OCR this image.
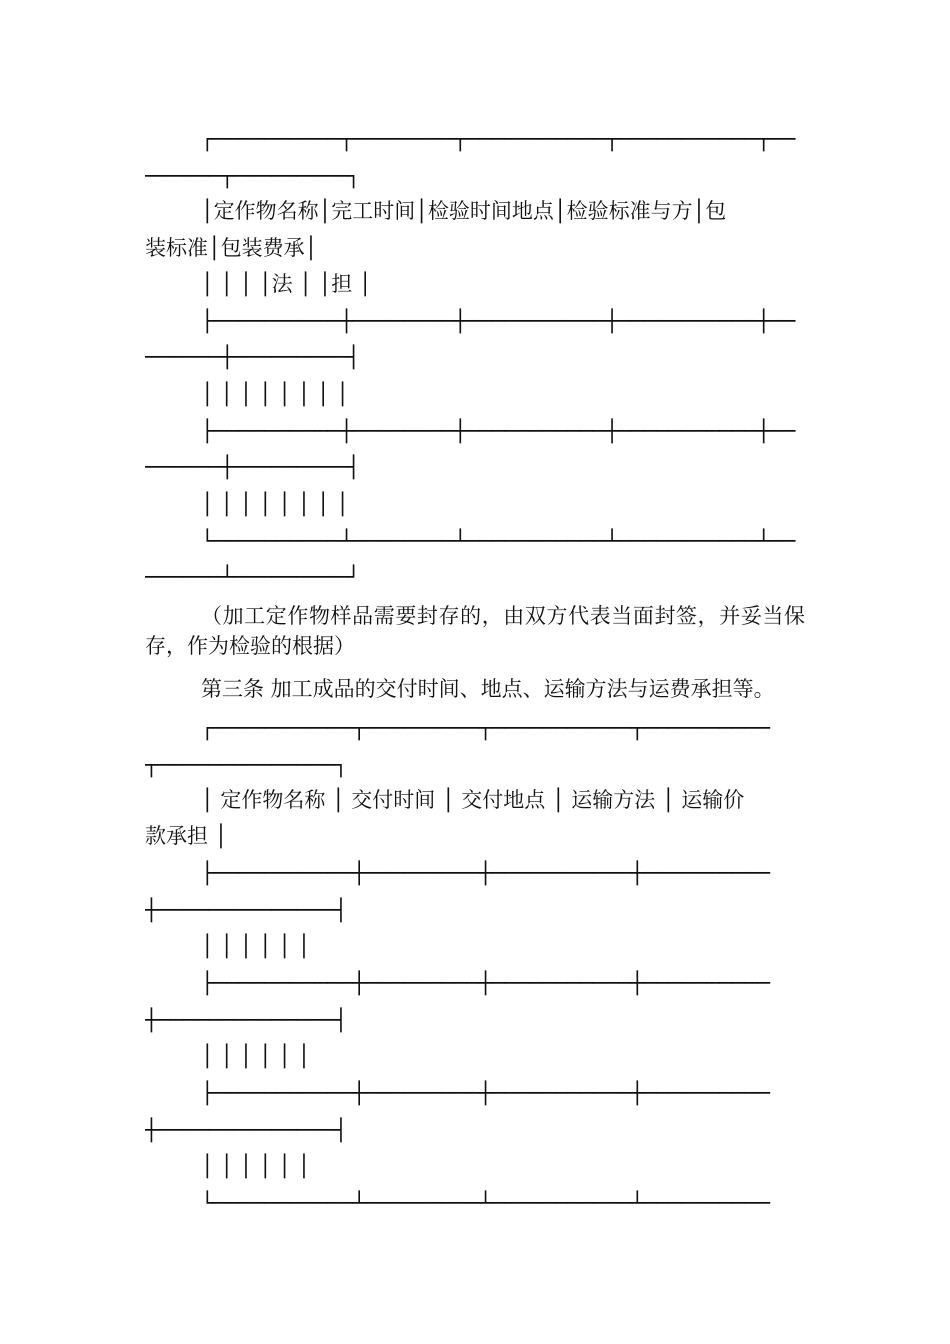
┌──────────┬────────┬───────────┬───────────┬──
──────┬─────────┐
│定作物名称│完工时间│检验时间地点│检验标准与方│包
装标准│包装费承│
│ │ │ │法 │ │担 │
├──────────┼────────┼───────────┼───────────┼──
──────┼─────────┤
│ │ │ │ │ │ │ │
├──────────┼────────┼───────────┼───────────┼──
──────┼─────────┤
│ │ │ │ │ │ │ │
└──────────┴────────┴───────────┴───────────┴──
──────┴─────────┘
（加工定作物样品需要封存的，由双方代表当面封签，并妥当保存，作为检验的根据）
第三条 加工成品的交付时间、地点、运输方法与运费承担等。
┌───────────┬─────────┬───────────┬──────────
┬──────────────┐
│ 定作物名称 │ 交付时间 │ 交付地点 │ 运输方法 │ 运输价
款承担 │
├───────────┼─────────┼───────────┼──────────
┼──────────────┤
│ │ │ │ │ │
├───────────┼─────────┼───────────┼──────────
┼──────────────┤
│ │ │ │ │ │
├───────────┼─────────┼───────────┼──────────
┼──────────────┤
│ │ │ │ │ │
└───────────┴─────────┴───────────┴──────────
